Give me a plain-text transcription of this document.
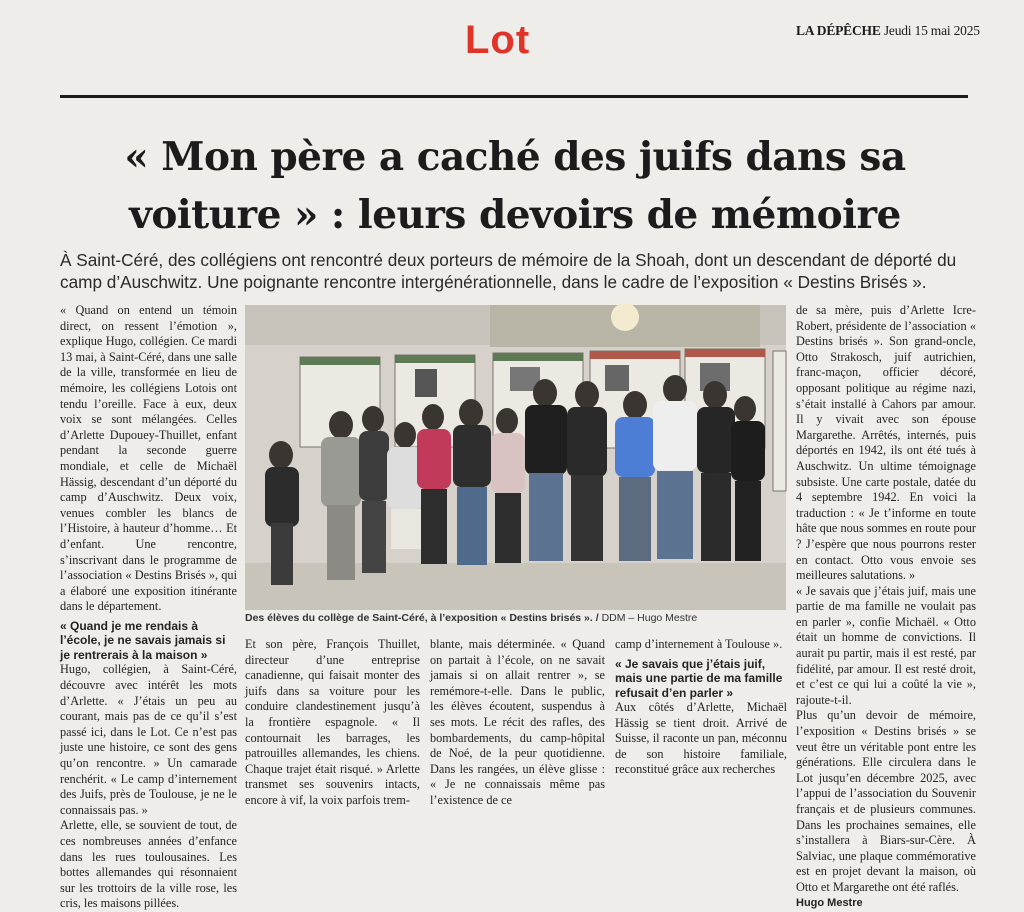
LA DÉPÊCHE Jeudi 15 mai 2025
Lot
« Mon père a caché des juifs dans sa
voiture » : leurs devoirs de mémoire
À Saint-Céré, des collégiens ont rencontré deux porteurs de mémoire de la Shoah, dont un descendant de déporté du camp d’Auschwitz. Une poignante rencontre intergénérationnelle, dans le cadre de l’exposition « Destins Brisés ».

« Quand on entend un témoin direct, on ressent l’émotion », explique Hugo, collégien. Ce mardi 13 mai, à Saint-Céré, dans une salle de la ville, transformée en lieu de mémoire, les collégiens Lotois ont tendu l’oreille. Face à eux, deux voix se sont mélangées. Celles d’Arlette Dupouey-Thuillet, enfant pendant la seconde guerre mondiale, et celle de Michaël Hässig, descendant d’un déporté du camp d’Auschwitz. Deux voix, venues combler les blancs de l’Histoire, à hauteur d’homme… Et d’enfant. Une rencontre, s’inscrivant dans le programme de l’association « Destins Brisés », qui a élaboré une exposition itinérante dans le département.

« Quand je me rendais à l’école, je ne savais jamais si je rentrerais à la maison »

Hugo, collégien, à Saint-Céré, découvre avec intérêt les mots d’Arlette. « J’étais un peu au courant, mais pas de ce qu’il s’est passé ici, dans le Lot. Ce n’est pas juste une histoire, ce sont des gens qu’on rencontre. » Un camarade renchérit. « Le camp d’internement des Juifs, près de Toulouse, je ne le connaissais pas. »

Arlette, elle, se souvient de tout, de ces nombreuses années d’enfance dans les rues toulousaines. Les bottes allemandes qui résonnaient sur les trottoirs de la ville rose, les cris, les maisons pillées.

Des élèves du collège de Saint-Céré, à l’exposition « Destins brisés ». / DDM – Hugo Mestre

Et son père, François Thuillet, directeur d’une entreprise canadienne, qui faisait monter des juifs dans sa voiture pour les conduire clandestinement jusqu’à la frontière espagnole. « Il contournait les barrages, les patrouilles allemandes, les chiens. Chaque trajet était risqué. » Arlette transmet ses souvenirs intacts, encore à vif, la voix parfois trem-

blante, mais déterminée. « Quand on partait à l’école, on ne savait jamais si on allait rentrer », se remémore-t-elle. Dans le public, les élèves écoutent, suspendus à ses mots. Le récit des rafles, des bombardements, du camp-hôpital de Noé, de la peur quotidienne. Dans les rangées, un élève glisse : « Je ne connaissais même pas l’existence de ce

camp d’internement à Toulouse ».

« Je savais que j’étais juif, mais une partie de ma famille refusait d’en parler »

Aux côtés d’Arlette, Michaël Hässig se tient droit. Arrivé de Suisse, il raconte un pan, méconnu de son histoire familiale, reconstitué grâce aux recherches

de sa mère, puis d’Arlette Icre-Robert, présidente de l’association « Destins brisés ». Son grand-oncle, Otto Strakosch, juif autrichien, franc-maçon, officier décoré, opposant politique au régime nazi, s’était installé à Cahors par amour. Il y vivait avec son épouse Margarethe. Arrêtés, internés, puis déportés en 1942, ils ont été tués à Auschwitz. Un ultime témoignage subsiste. Une carte postale, datée du 4 septembre 1942. En voici la traduction : « Je t’informe en toute hâte que nous sommes en route pour ? J’espère que nous pourrons rester en contact. Otto vous envoie ses meilleures salutations. »

« Je savais que j’étais juif, mais une partie de ma famille ne voulait pas en parler », confie Michaël. « Otto était un homme de convictions. Il aurait pu partir, mais il est resté, par fidélité, par amour. Il est resté droit, et c’est ce qui lui a coûté la vie », rajoute-t-il.

Plus qu’un devoir de mémoire, l’exposition « Destins brisés » se veut être un véritable pont entre les générations. Elle circulera dans le Lot jusqu’en décembre 2025, avec l’appui de l’association du Souvenir français et de plusieurs communes. Dans les prochaines semaines, elle s’installera à Biars-sur-Cère. À Salviac, une plaque commémorative est en projet devant la maison, où Otto et Margarethe ont été raflés.

Hugo Mestre
